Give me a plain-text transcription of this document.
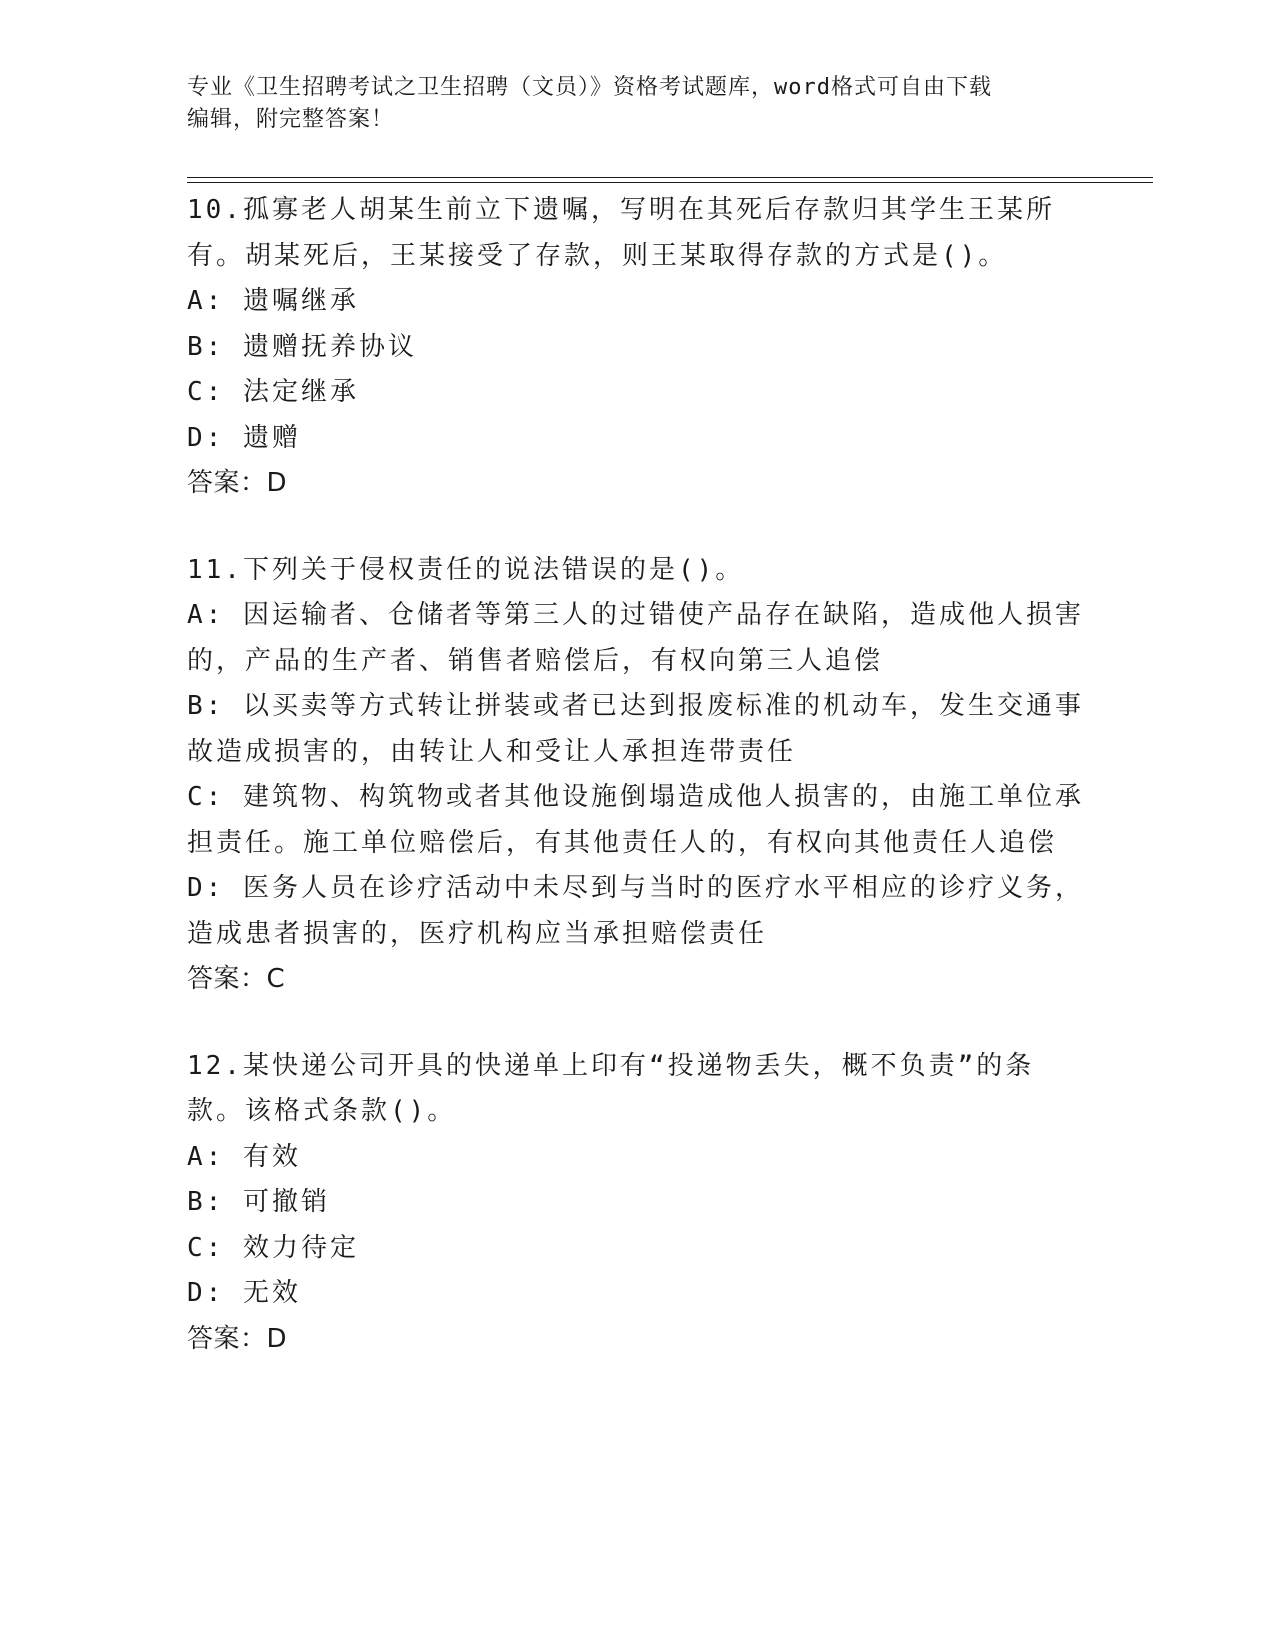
专业《卫生招聘考试之卫生招聘（文员）》资格考试题库，word格式可自由下载
编辑，附完整答案！
10.孤寡老人胡某生前立下遗嘱，写明在其死后存款归其学生王某所有。胡某死后，王某接受了存款，则王某取得存款的方式是()。
A: 遗嘱继承
B: 遗赠抚养协议
C: 法定继承
D: 遗赠
答案：D
11.下列关于侵权责任的说法错误的是()。
A: 因运输者、仓储者等第三人的过错使产品存在缺陷，造成他人损害的，产品的生产者、销售者赔偿后，有权向第三人追偿
B: 以买卖等方式转让拼装或者已达到报废标准的机动车，发生交通事故造成损害的，由转让人和受让人承担连带责任
C: 建筑物、构筑物或者其他设施倒塌造成他人损害的，由施工单位承担责任。施工单位赔偿后，有其他责任人的，有权向其他责任人追偿
D: 医务人员在诊疗活动中未尽到与当时的医疗水平相应的诊疗义务，造成患者损害的，医疗机构应当承担赔偿责任
答案：C
12.某快递公司开具的快递单上印有“投递物丢失，概不负责”的条款。该格式条款()。
A: 有效
B: 可撤销
C: 效力待定
D: 无效
答案：D
